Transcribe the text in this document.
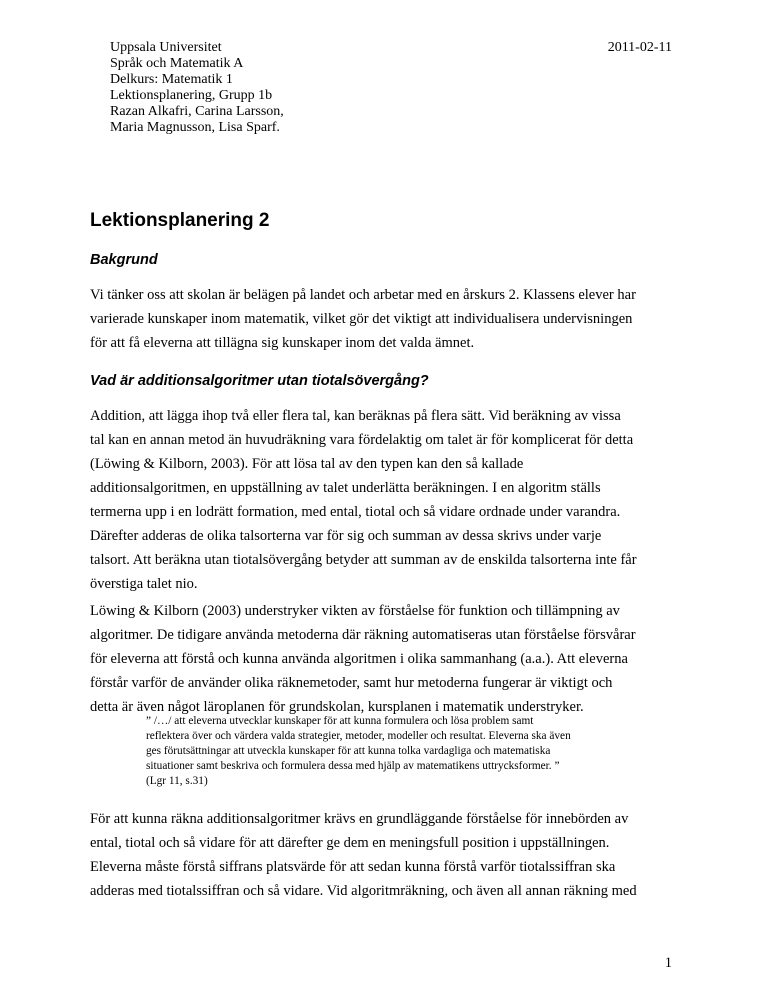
Uppsala Universitet
Språk och Matematik A
Delkurs: Matematik 1
Lektionsplanering, Grupp 1b
Razan Alkafri, Carina Larsson,
Maria Magnusson, Lisa Sparf.
2011-02-11
Lektionsplanering 2
Bakgrund
Vi tänker oss att skolan är belägen på landet och arbetar med en årskurs 2. Klassens elever har
varierade kunskaper inom matematik, vilket gör det viktigt att individualisera undervisningen
för att få eleverna att tillägna sig kunskaper inom det valda ämnet.
Vad är additionsalgoritmer utan tiotalsövergång?
Addition, att lägga ihop två eller flera tal, kan beräknas på flera sätt. Vid beräkning av vissa
tal kan en annan metod än huvudräkning vara fördelaktig om talet är för komplicerat för detta
(Löwing & Kilborn, 2003). För att lösa tal av den typen kan den så kallade
additionsalgoritmen, en uppställning av talet underlätta beräkningen. I en algoritm ställs
termerna upp i en lodrätt formation, med ental, tiotal och så vidare ordnade under varandra.
Därefter adderas de olika talsorterna var för sig och summan av dessa skrivs under varje
talsort. Att beräkna utan tiotalsövergång betyder att summan av de enskilda talsorterna inte får
överstiga talet nio.
Löwing & Kilborn (2003) understryker vikten av förståelse för funktion och tillämpning av
algoritmer. De tidigare använda metoderna där räkning automatiseras utan förståelse försvårar
för eleverna att förstå och kunna använda algoritmen i olika sammanhang (a.a.). Att eleverna
förstår varför de använder olika räknemetoder, samt hur metoderna fungerar är viktigt och
detta är även något läroplanen för grundskolan, kursplanen i matematik understryker.
” /…/ att eleverna utvecklar kunskaper för att kunna formulera och lösa problem samt
reflektera över och värdera valda strategier, metoder, modeller och resultat. Eleverna ska även
ges förutsättningar att utveckla kunskaper för att kunna tolka vardagliga och matematiska
situationer samt beskriva och formulera dessa med hjälp av matematikens uttrycksformer. ”
(Lgr 11, s.31)
För att kunna räkna additionsalgoritmer krävs en grundläggande förståelse för innebörden av
ental, tiotal och så vidare för att därefter ge dem en meningsfull position i uppställningen.
Eleverna måste förstå siffrans platsvärde för att sedan kunna förstå varför tiotalssiffran ska
adderas med tiotalssiffran och så vidare. Vid algoritmräkning, och även all annan räkning med
1
